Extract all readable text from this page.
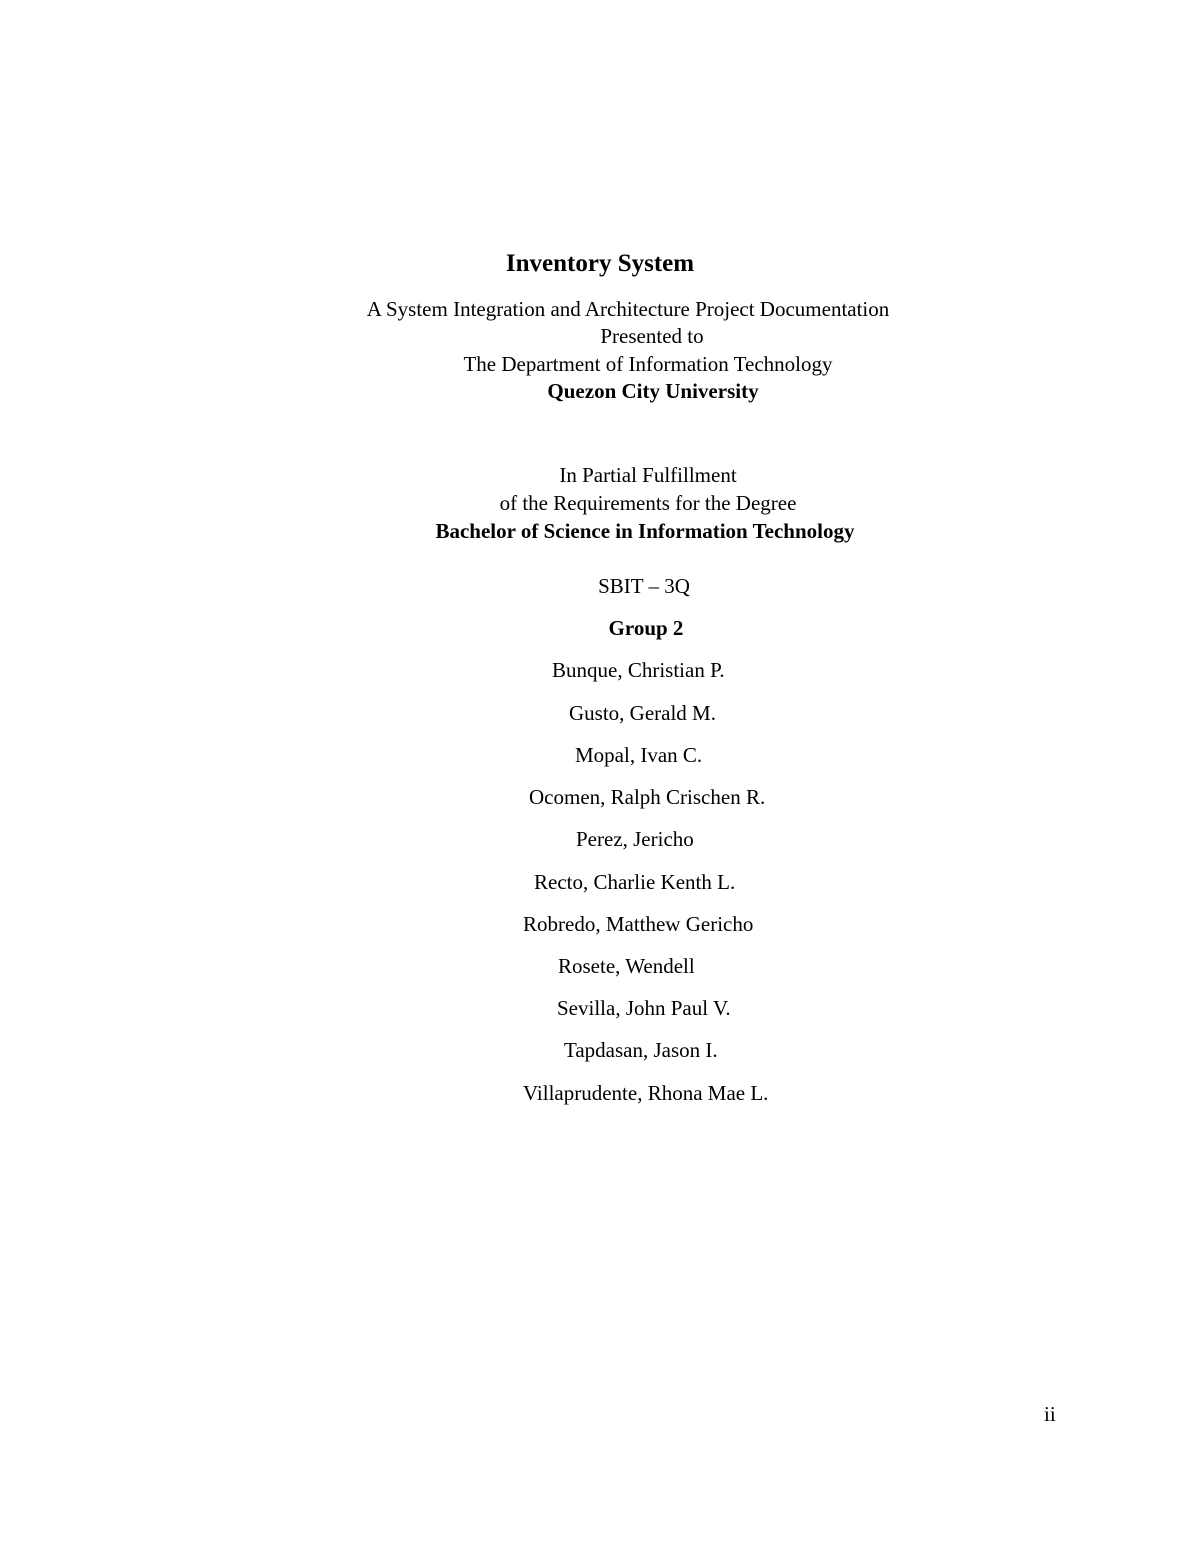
Inventory System
A System Integration and Architecture Project Documentation
Presented to
The Department of Information Technology
Quezon City University
In Partial Fulfillment
of the Requirements for the Degree
Bachelor of Science in Information Technology
SBIT – 3Q
Group 2
Bunque, Christian P.
Gusto, Gerald M.
Mopal, Ivan C.
Ocomen, Ralph Crischen R.
Perez, Jericho
Recto, Charlie Kenth L.
Robredo, Matthew Gericho
Rosete, Wendell
Sevilla, John Paul V.
Tapdasan, Jason I.
Villaprudente, Rhona Mae L.
ii
